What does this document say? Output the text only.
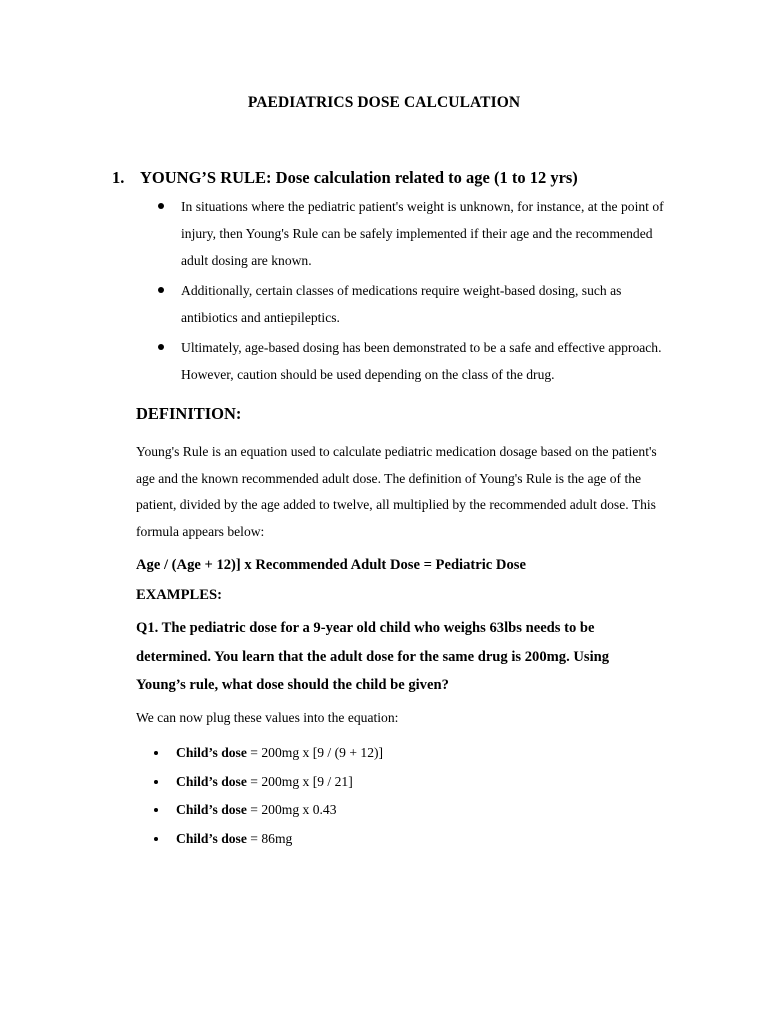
PAEDIATRICS DOSE CALCULATION
1. YOUNG’S RULE: Dose calculation related to age (1 to 12 yrs)
In situations where the pediatric patient's weight is unknown, for instance, at the point of injury, then Young's Rule can be safely implemented if their age and the recommended adult dosing are known.
Additionally, certain classes of medications require weight-based dosing, such as antibiotics and antiepileptics.
Ultimately, age-based dosing has been demonstrated to be a safe and effective approach. However, caution should be used depending on the class of the drug.
DEFINITION:
Young's Rule is an equation used to calculate pediatric medication dosage based on the patient's age and the known recommended adult dose. The definition of Young's Rule is the age of the patient, divided by the age added to twelve, all multiplied by the recommended adult dose. This formula appears below:
Age / (Age + 12)] x Recommended Adult Dose = Pediatric Dose
EXAMPLES:
Q1. The pediatric dose for a 9-year old child who weighs 63lbs needs to be determined. You learn that the adult dose for the same drug is 200mg. Using Young’s rule, what dose should the child be given?
We can now plug these values into the equation:
Child’s dose = 200mg x [9 / (9 + 12)]
Child’s dose = 200mg x [9 / 21]
Child’s dose = 200mg x 0.43
Child’s dose = 86mg
